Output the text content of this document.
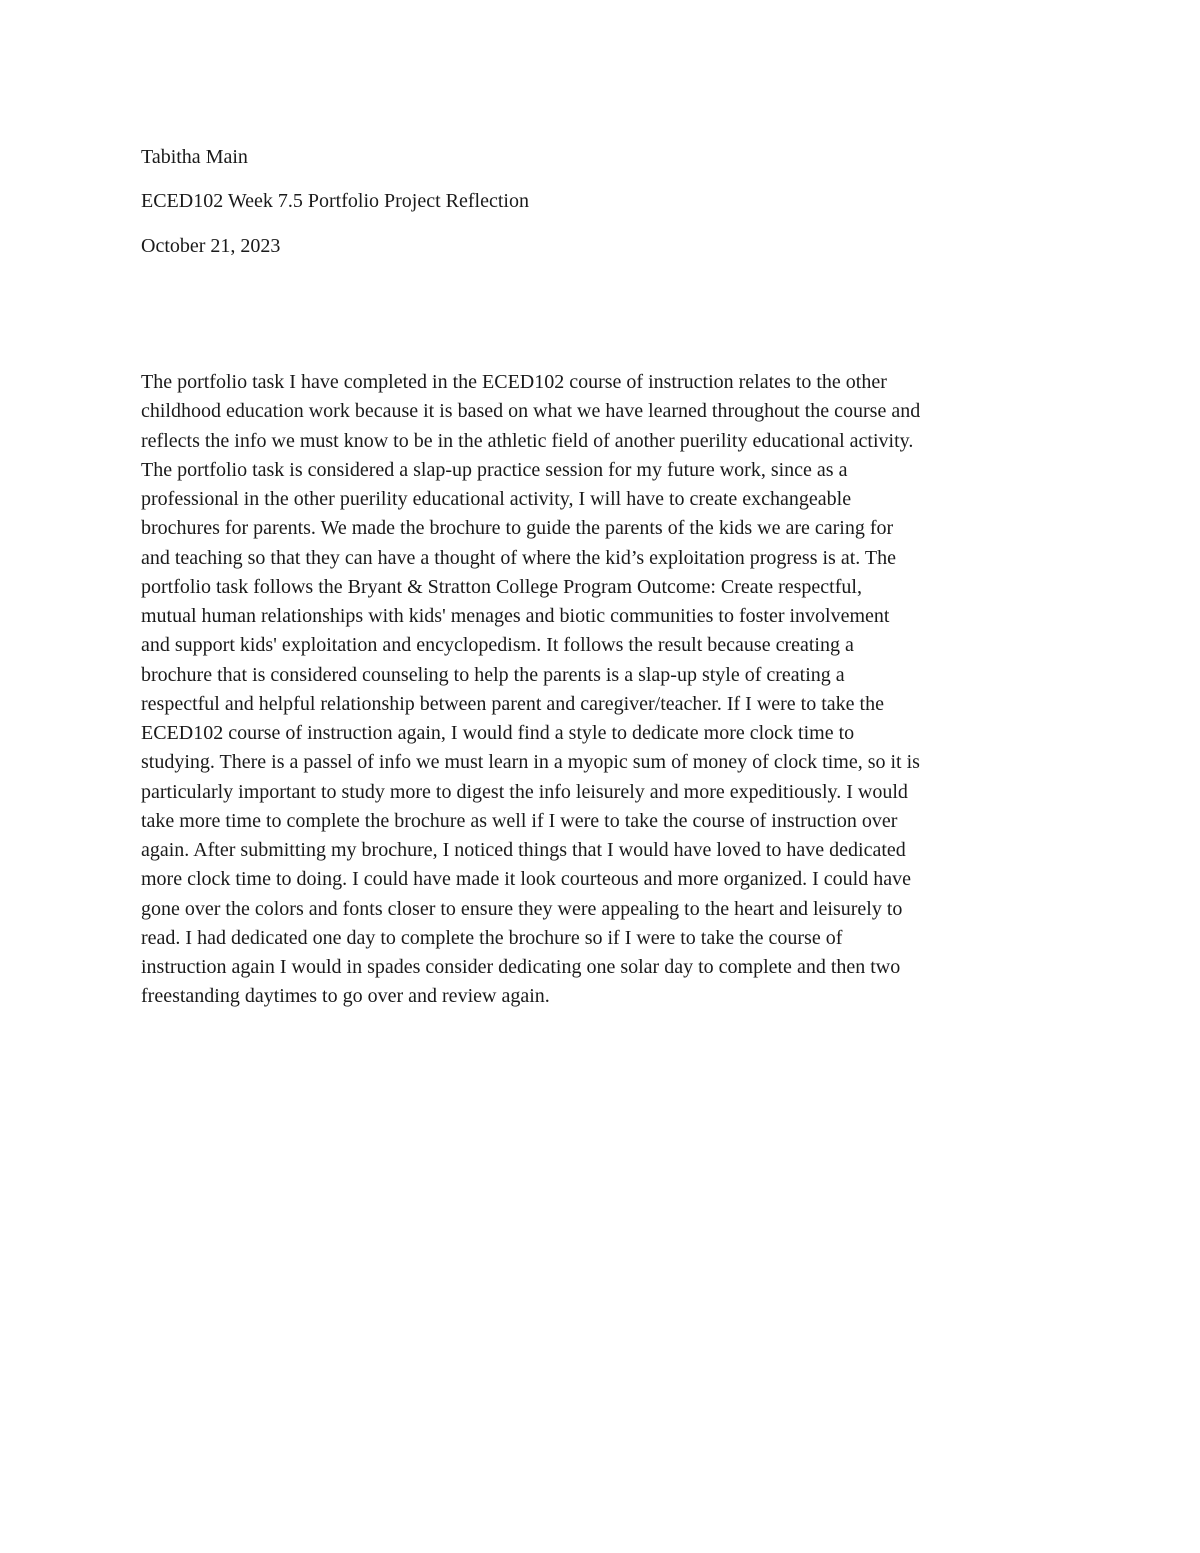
Tabitha Main

ECED102 Week 7.5 Portfolio Project Reflection

October 21, 2023

The portfolio task I have completed in the ECED102 course of instruction relates to the other
childhood education work because it is based on what we have learned throughout the course and
reflects the info we must know to be in the athletic field of another puerility educational activity.
The portfolio task is considered a slap-up practice session for my future work, since as a
professional in the other puerility educational activity, I will have to create exchangeable
brochures for parents. We made the brochure to guide the parents of the kids we are caring for
and teaching so that they can have a thought of where the kid’s exploitation progress is at. The
portfolio task follows the Bryant & Stratton College Program Outcome: Create respectful,
mutual human relationships with kids' menages and biotic communities to foster involvement
and support kids' exploitation and encyclopedism. It follows the result because creating a
brochure that is considered counseling to help the parents is a slap-up style of creating a
respectful and helpful relationship between parent and caregiver/teacher. If I were to take the
ECED102 course of instruction again, I would find a style to dedicate more clock time to
studying. There is a passel of info we must learn in a myopic sum of money of clock time, so it is
particularly important to study more to digest the info leisurely and more expeditiously. I would
take more time to complete the brochure as well if I were to take the course of instruction over
again. After submitting my brochure, I noticed things that I would have loved to have dedicated
more clock time to doing. I could have made it look courteous and more organized. I could have
gone over the colors and fonts closer to ensure they were appealing to the heart and leisurely to
read. I had dedicated one day to complete the brochure so if I were to take the course of
instruction again I would in spades consider dedicating one solar day to complete and then two
freestanding daytimes to go over and review again.
